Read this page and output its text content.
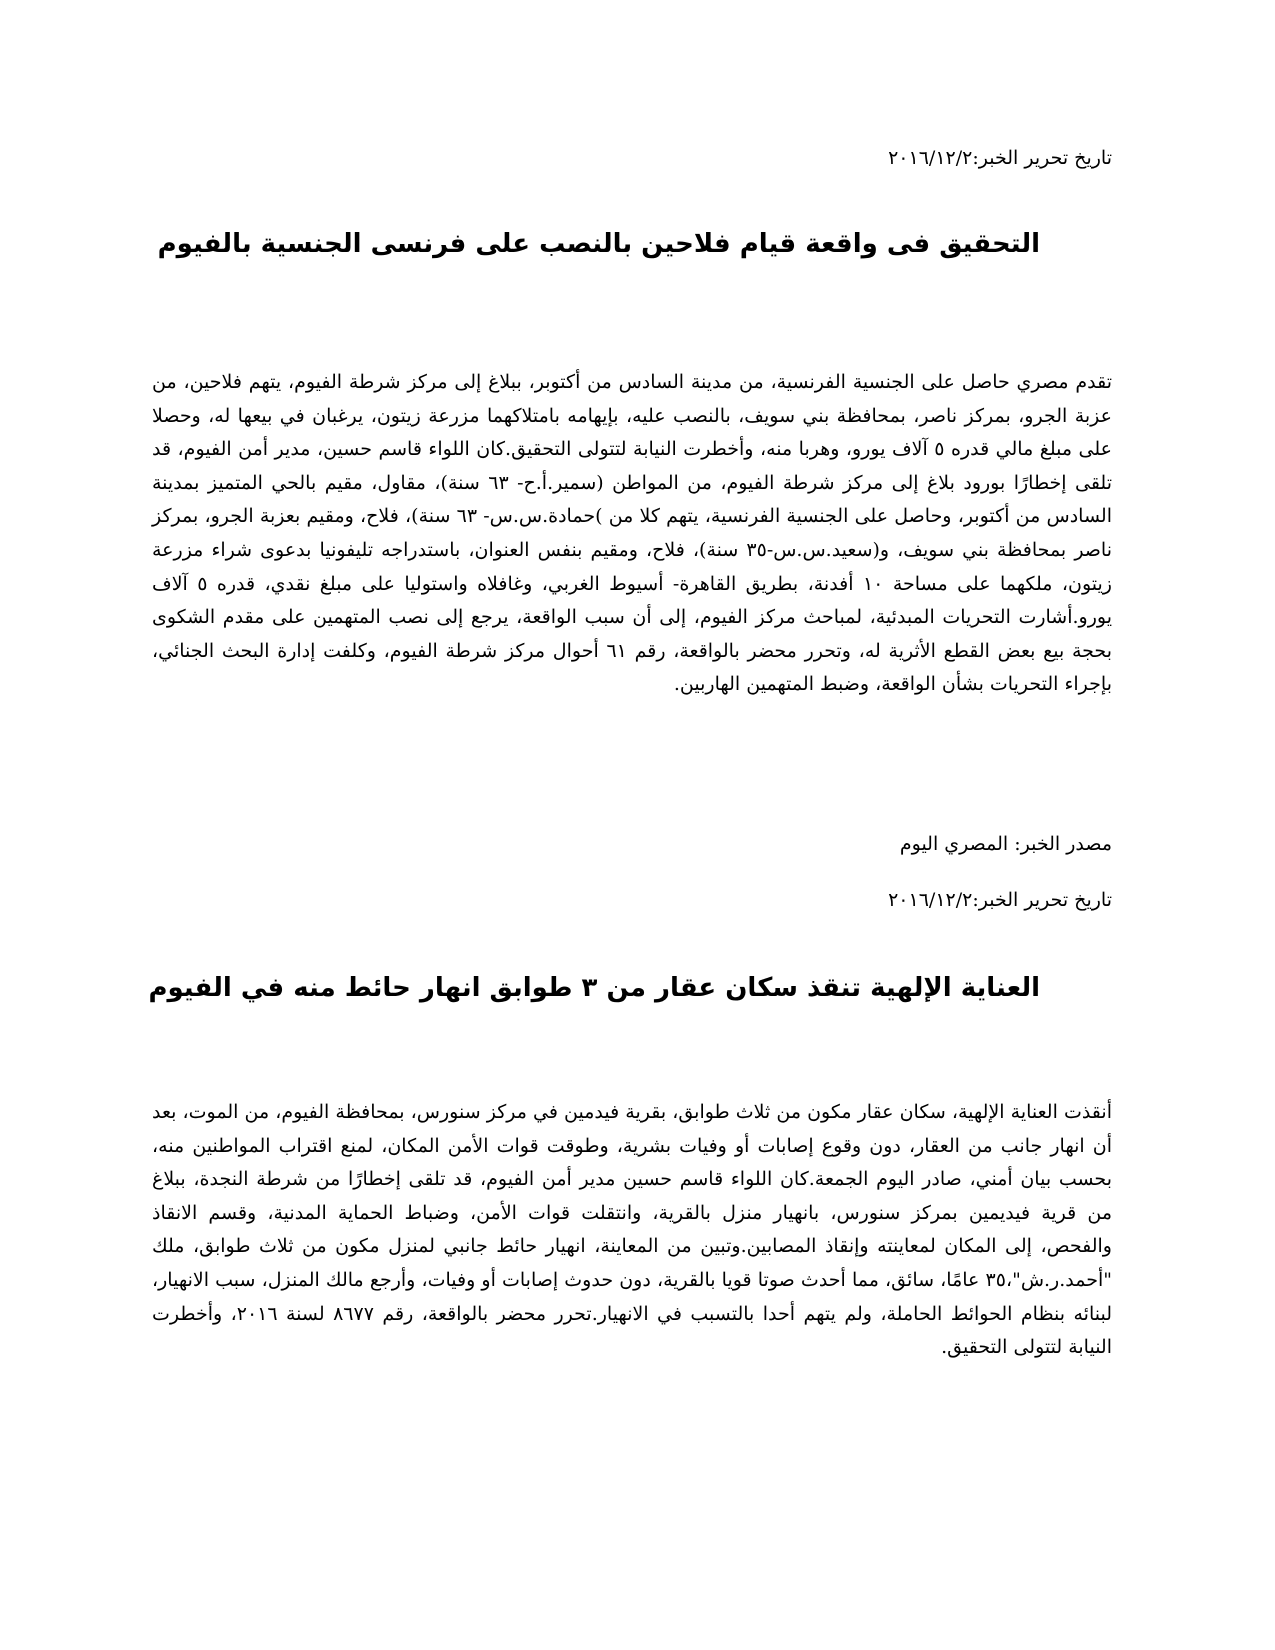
تاريخ تحرير الخبر:٢٠١٦/١٢/٢
التحقيق فى واقعة قيام فلاحين بالنصب على فرنسى الجنسية بالفيوم

تقدم مصري حاصل على الجنسية الفرنسية، من مدينة السادس من أكتوبر، ببلاغ إلى مركز شرطة الفيوم، يتهم فلاحين، من عزبة الجرو، بمركز ناصر، بمحافظة بني سويف، بالنصب عليه، بإيهامه بامتلاكهما مزرعة زيتون، يرغبان في بيعها له، وحصلا على مبلغ مالي قدره ٥ آلاف يورو، وهربا منه، وأخطرت النيابة لتتولى التحقيق.كان اللواء قاسم حسين، مدير أمن الفيوم، قد تلقى إخطارًا بورود بلاغ إلى مركز شرطة الفيوم، من المواطن (سمير.أ.ح- ٦٣ سنة)، مقاول، مقيم بالحي المتميز بمدينة السادس من أكتوبر، وحاصل على الجنسية الفرنسية، يتهم كلا من )حمادة.س.س- ٦٣ سنة)، فلاح، ومقيم بعزبة الجرو، بمركز ناصر بمحافظة بني سويف، و(سعيد.س.س-٣٥ سنة)، فلاح، ومقيم بنفس العنوان، باستدراجه تليفونيا بدعوى شراء مزرعة زيتون، ملكهما على مساحة ١٠ أفدنة، بطريق القاهرة- أسيوط الغربي، وغافلاه واستوليا على مبلغ نقدي، قدره ٥ آلاف يورو.أشارت التحريات المبدئية، لمباحث مركز الفيوم، إلى أن سبب الواقعة، يرجع إلى نصب المتهمين على مقدم الشكوى بحجة بيع بعض القطع الأثرية له، وتحرر محضر بالواقعة، رقم ٦١ أحوال مركز شرطة الفيوم، وكلفت إدارة البحث الجنائي، بإجراء التحريات بشأن الواقعة، وضبط المتهمين الهاربين.

مصدر الخبر: المصري اليوم
تاريخ تحرير الخبر:٢٠١٦/١٢/٢
العناية الإلهية تنقذ سكان عقار من ٣ طوابق انهار حائط منه في الفيوم

أنقذت العناية الإلهية، سكان عقار مكون من ثلاث طوابق، بقرية فيدمين في مركز سنورس، بمحافظة الفيوم، من الموت، بعد أن انهار جانب من العقار، دون وقوع إصابات أو وفيات بشرية، وطوقت قوات الأمن المكان، لمنع اقتراب المواطنين منه، بحسب بيان أمني، صادر اليوم الجمعة.كان اللواء قاسم حسين مدير أمن الفيوم، قد تلقى إخطارًا من شرطة النجدة، ببلاغ من قرية فيديمين بمركز سنورس، بانهيار منزل بالقرية، وانتقلت قوات الأمن، وضباط الحماية المدنية، وقسم الانقاذ والفحص، إلى المكان لمعاينته وإنقاذ المصابين.وتبين من المعاينة، انهيار حائط جانبي لمنزل مكون من ثلاث طوابق، ملك "أحمد.ر.ش"،٣٥ عامًا، سائق، مما أحدث صوتا قويا بالقرية، دون حدوث إصابات أو وفيات، وأرجع مالك المنزل، سبب الانهيار، لبنائه بنظام الحوائط الحاملة، ولم يتهم أحدا بالتسبب في الانهيار.تحرر محضر بالواقعة، رقم ٨٦٧٧ لسنة ٢٠١٦، وأخطرت النيابة لتتولى التحقيق.
